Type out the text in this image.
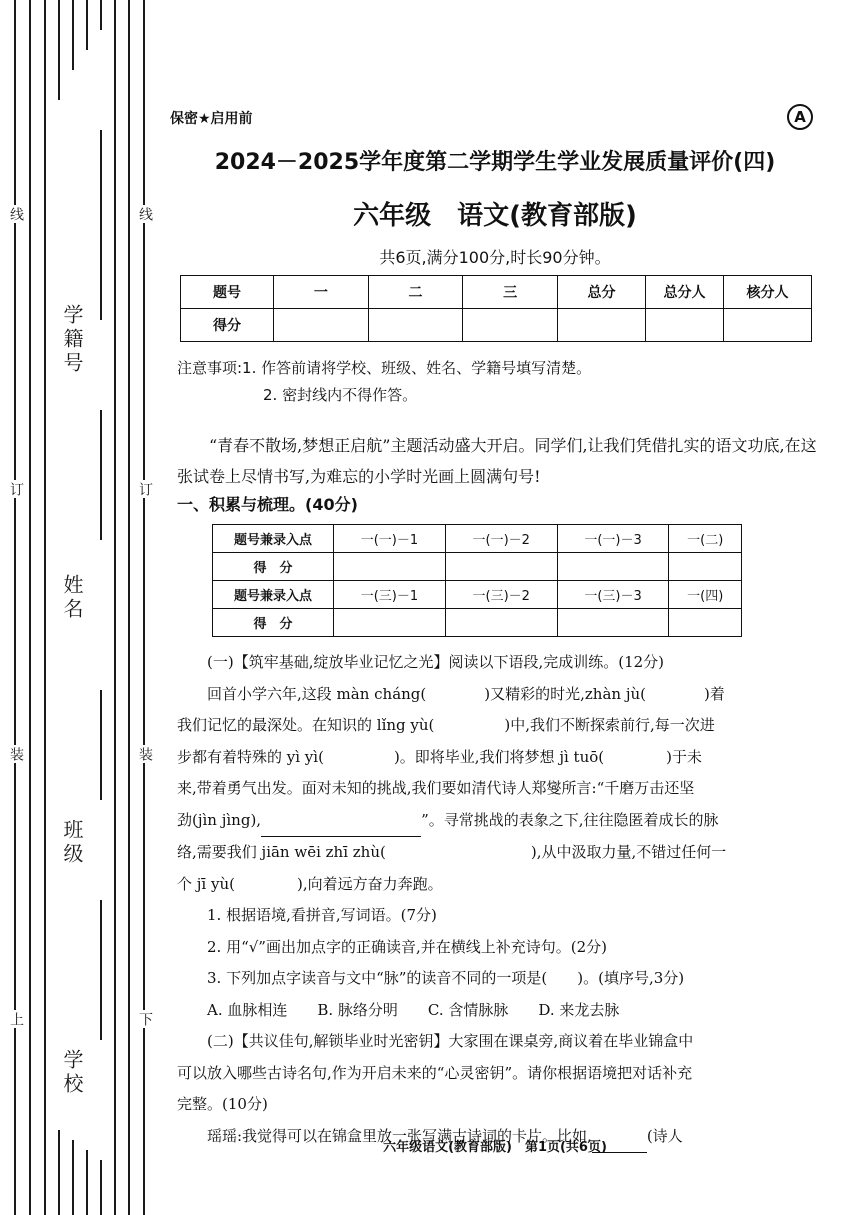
线
订
装
上
线
订
装
下
学籍号
姓名
班级
学校
保密★启用前	A
2024－2025学年度第二学期学生学业发展质量评价(四)
六年级　语文(教育部版)
共6页,满分100分,时长90分钟。
题号	一	二	三	总分	总分人	核分人
得分						
注意事项:1. 作答前请将学校、班级、姓名、学籍号填写清楚。
2. 密封线内不得作答。
“青春不散场,梦想正启航”主题活动盛大开启。同学们,让我们凭借扎实的语文功底,在这张试卷上尽情书写,为难忘的小学时光画上圆满句号!
一、积累与梳理。(40分)
题号兼录入点	一(一)－1	一(一)－2	一(一)－3	一(二)
得　分				
题号兼录入点	一(三)－1	一(三)－2	一(三)－3	一(四)
得　分				

(一)【筑牢基础,绽放毕业记忆之光】阅读以下语段,完成训练。(12分)

回首小学六年,这段 màn cháng(	)又精彩的时光,zhàn jù(	)着

我们记忆的最深处。在知识的 lǐng yù(	)中,我们不断探索前行,每一次进

步都有着特殊的 yì yì(	)。即将毕业,我们将梦想 jì tuō(	)于未

来,带着勇气出发。面对未知的挑战,我们要如清代诗人郑燮所言:“千磨万击还坚

劲(jìn jìng),	”。寻常挑战的表象之下,往往隐匿着成长的脉

络,需要我们 jiān wēi zhī zhù(	),从中汲取力量,不错过任何一

个 jī yù(	),向着远方奋力奔跑。

1. 根据语境,看拼音,写词语。(7分)

2. 用“√”画出加点字的正确读音,并在横线上补充诗句。(2分)

3. 下列加点字读音与文中“脉”的读音不同的一项是(　　)。(填序号,3分)

A. 血脉相连　　B. 脉络分明　　C. 含情脉脉　　D. 来龙去脉

(二)【共议佳句,解锁毕业时光密钥】大家围在课桌旁,商议着在毕业锦盒中

可以放入哪些古诗名句,作为开启未来的“心灵密钥”。请你根据语境把对话补充

完整。(10分)

瑶瑶:我觉得可以在锦盒里放一张写满古诗词的卡片。比如,	(诗人

六年级语文(教育部版)　第1页(共6页)
